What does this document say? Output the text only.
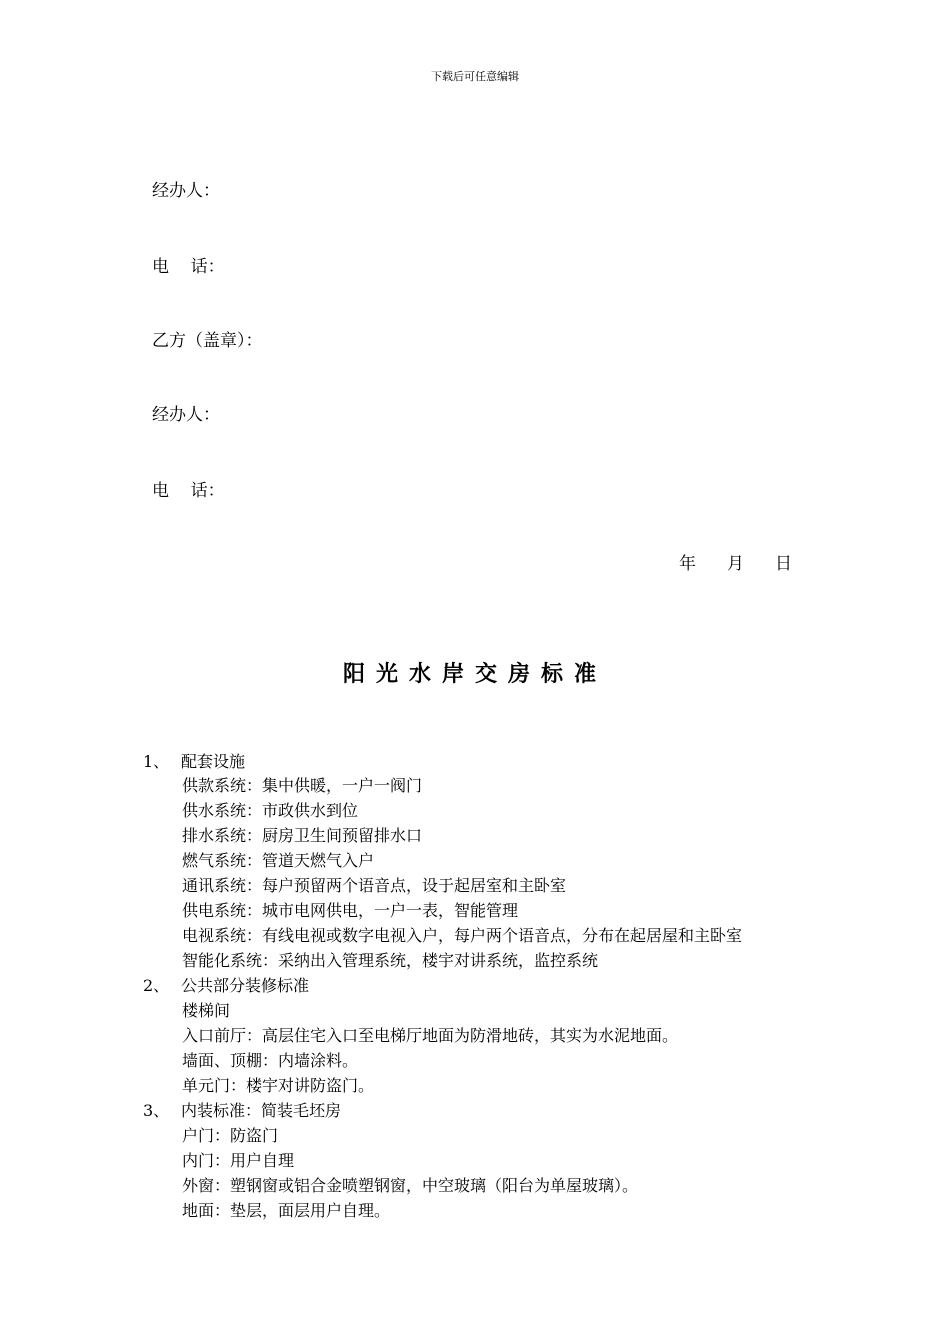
下载后可任意编辑
经办人：
电    话：
乙方（盖章）：
经办人：
电    话：
年 月 日
阳光水岸交房标准
1、 配套设施
供款系统：集中供暖，一户一阀门
供水系统：市政供水到位
排水系统：厨房卫生间预留排水口
燃气系统：管道天燃气入户
通讯系统：每户预留两个语音点，设于起居室和主卧室
供电系统：城市电网供电，一户一表，智能管理
电视系统：有线电视或数字电视入户，每户两个语音点，分布在起居屋和主卧室
智能化系统：采纳出入管理系统，楼宇对讲系统，监控系统
2、 公共部分装修标准
楼梯间
入口前厅：高层住宅入口至电梯厅地面为防滑地砖，其实为水泥地面。
墙面、顶棚：内墙涂料。
单元门：楼宇对讲防盗门。
3、 内装标准：简装毛坯房
户门：防盗门
内门：用户自理
外窗：塑钢窗或铝合金喷塑钢窗，中空玻璃（阳台为单屋玻璃）。
地面：垫层，面层用户自理。
